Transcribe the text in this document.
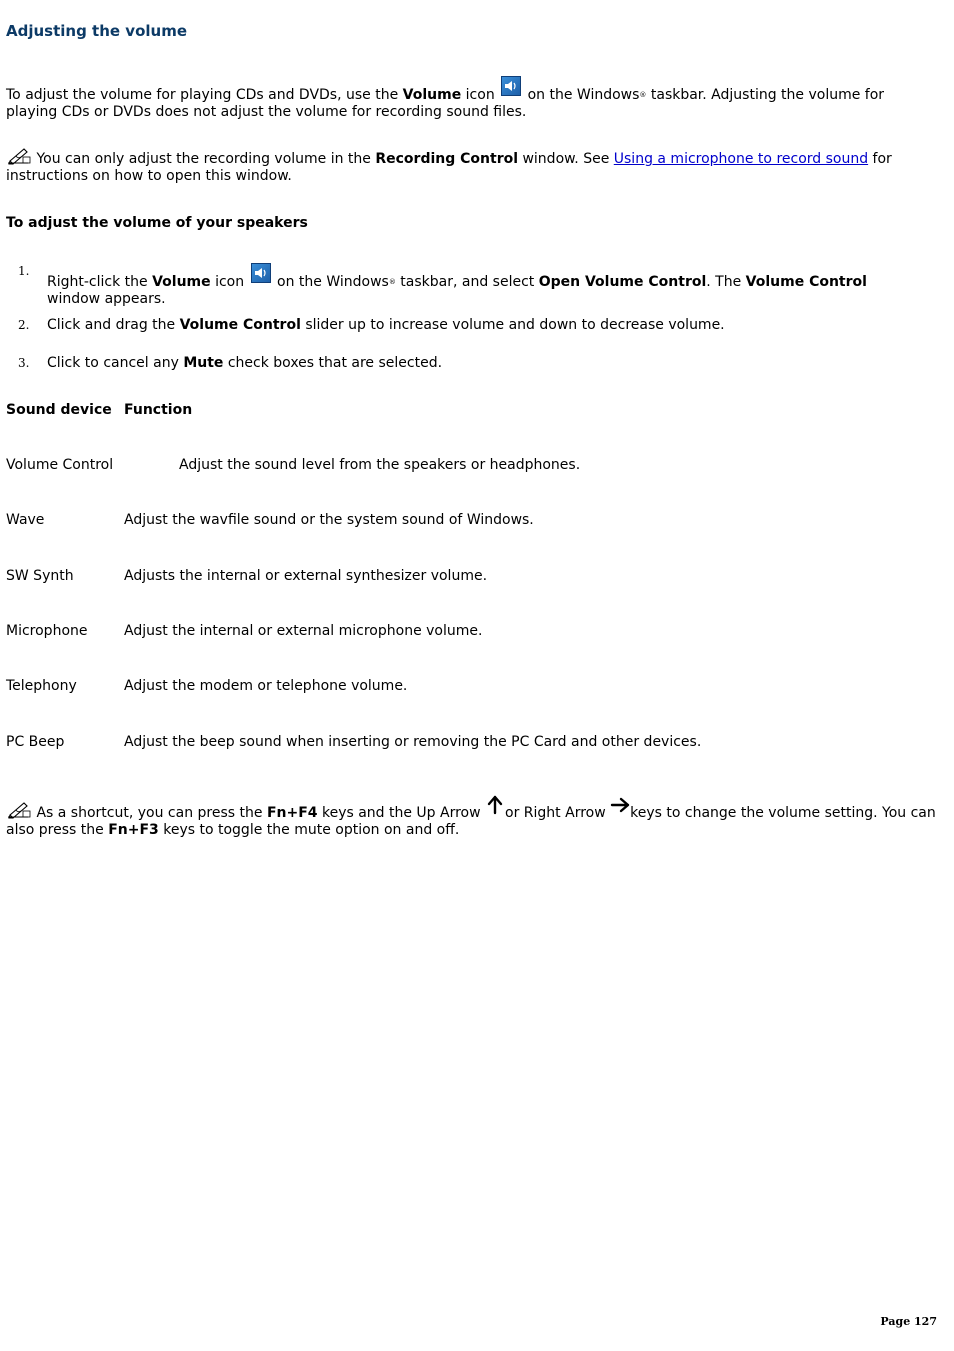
Adjusting the volume
To adjust the volume for playing CDs and DVDs, use the Volume icon
on the Windows® taskbar. Adjusting the volume for playing CDs or DVDs does not adjust the volume for recording sound files.
You can only adjust the recording volume in the Recording Control window. See Using a microphone to record sound for instructions on how to open this window.
To adjust the volume of your speakers
1.
Right-click the Volume icon
on the Windows® taskbar, and select Open Volume Control. The Volume Control window appears.
2. Click and drag the Volume Control slider up to increase volume and down to decrease volume.
3. Click to cancel any Mute check boxes that are selected.
Sound device Function
Volume Control	Adjust the sound level from the speakers or headphones.
Wave	Adjust the wavfile sound or the system sound of Windows.
SW Synth	Adjusts the internal or external synthesizer volume.
Microphone	Adjust the internal or external microphone volume.
Telephony	Adjust the modem or telephone volume.
PC Beep	Adjust the beep sound when inserting or removing the PC Card and other devices.
As a shortcut, you can press the Fn+F4 keys and the Up Arrow or Right Arrow keys to change the volume setting. You can also press the Fn+F3 keys to toggle the mute option on and off.
Page 127
